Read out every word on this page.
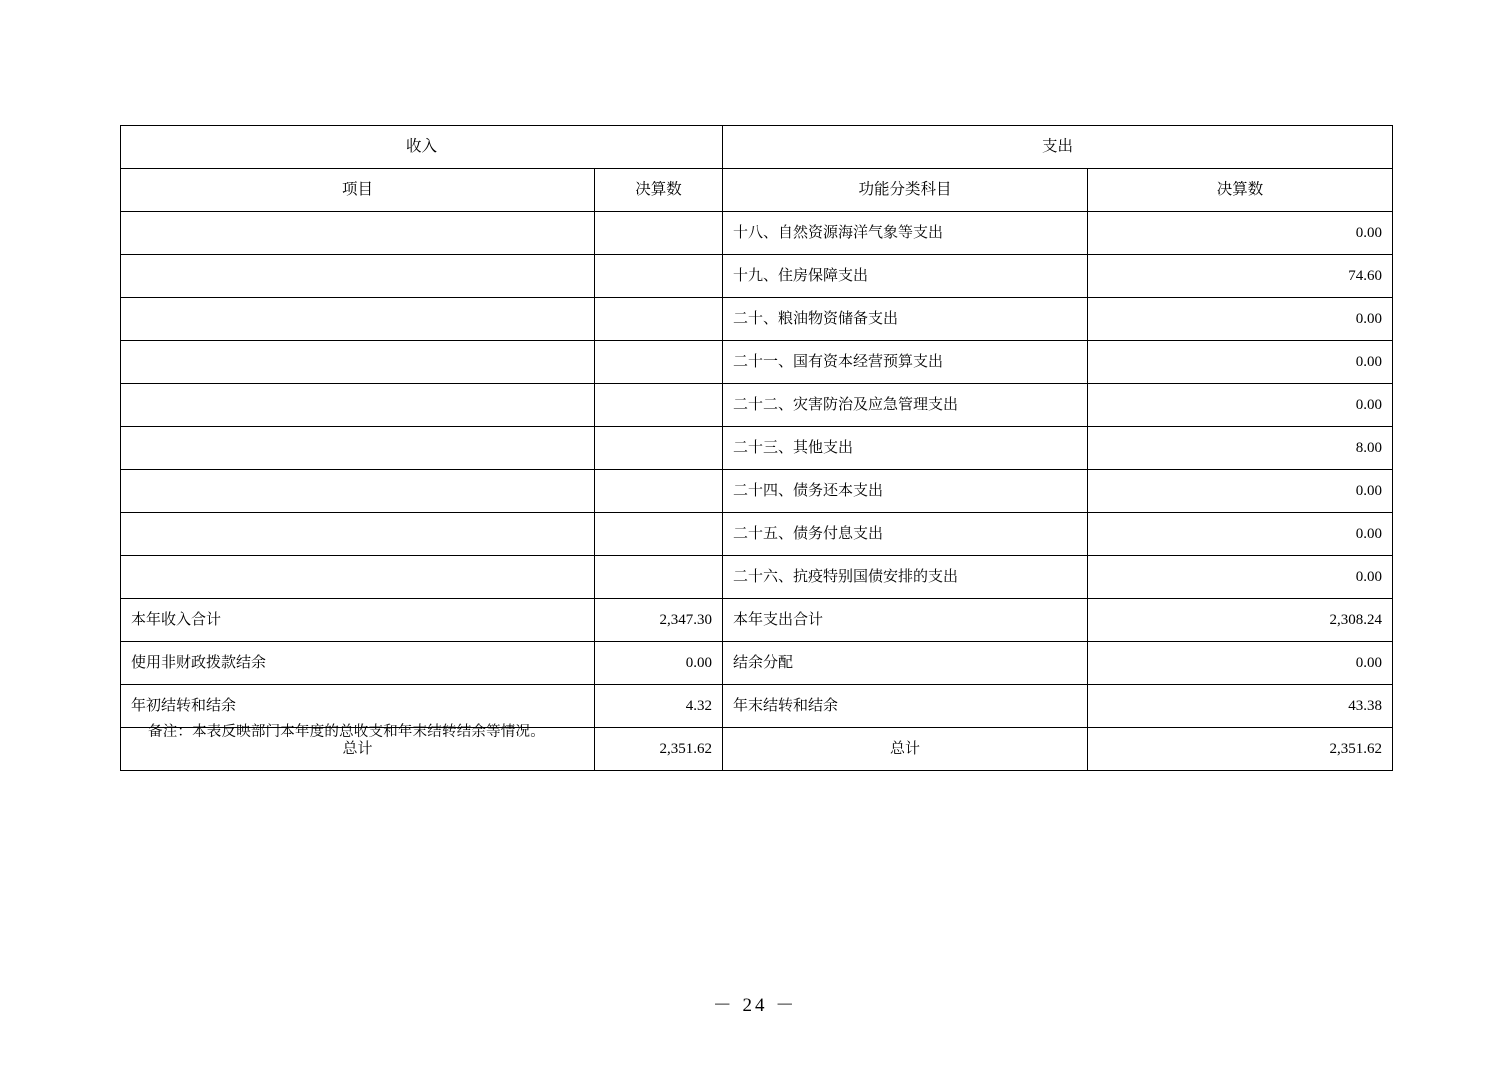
收入		支出	
项目	决算数	功能分类科目	决算数
		十八、自然资源海洋气象等支出	0.00
		十九、住房保障支出	74.60
		二十、粮油物资储备支出	0.00
		二十一、国有资本经营预算支出	0.00
		二十二、灾害防治及应急管理支出	0.00
		二十三、其他支出	8.00
		二十四、债务还本支出	0.00
		二十五、债务付息支出	0.00
		二十六、抗疫特别国债安排的支出	0.00
本年收入合计	2,347.30	本年支出合计	2,308.24
使用非财政拨款结余	0.00	结余分配	0.00
年初结转和结余	4.32	年末结转和结余	43.38
总计	2,351.62	总计	2,351.62
备注：本表反映部门本年度的总收支和年末结转结余等情况。
－ 24 －
